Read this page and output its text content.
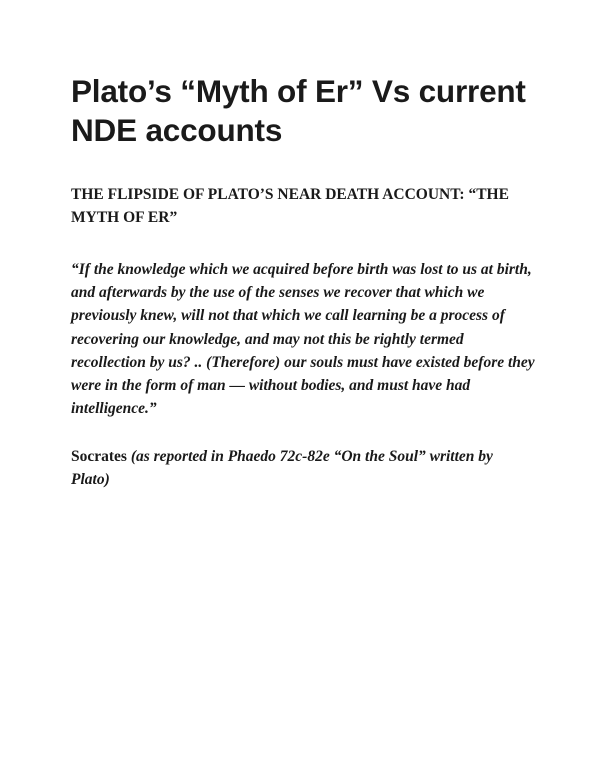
Plato’s “Myth of Er” Vs current NDE accounts

THE FLIPSIDE OF PLATO’S NEAR DEATH ACCOUNT: “THE MYTH OF ER”

“If the knowledge which we acquired before birth was lost to us at birth, and afterwards by the use of the senses we recover that which we previously knew, will not that which we call learning be a process of recovering our knowledge, and may not this be rightly termed recollection by us? .. (Therefore) our souls must have existed before they were in the form of man — without bodies, and must have had intelligence.”

Socrates (as reported in Phaedo 72c-82e “On the Soul” written by Plato)
